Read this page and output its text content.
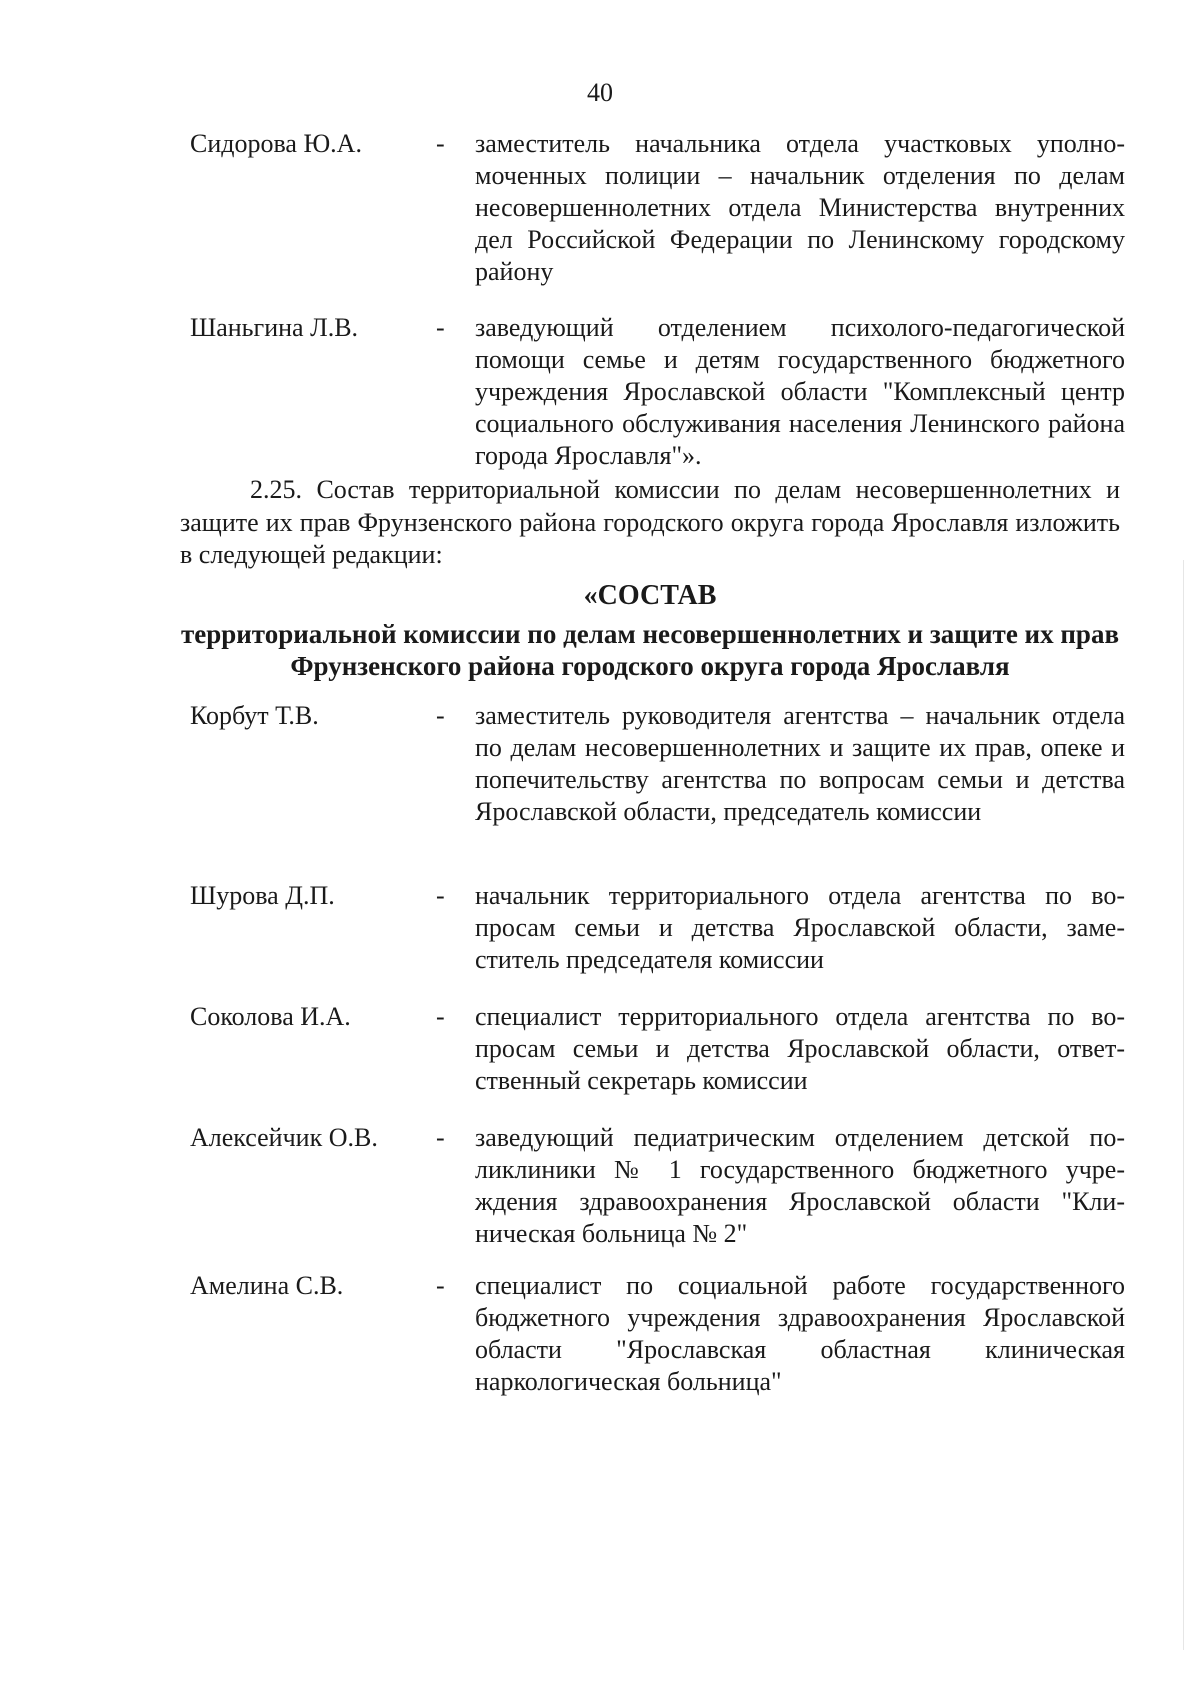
40
Сидорова Ю.А.	- заместитель начальника отдела участковых уполномоченных полиции – начальник отделения по делам несовершеннолетних отдела Министерства внутренних дел Российской Федерации по Ленинскому городскому району
Шаньгина Л.В.	- заведующий отделением психолого-педагогической помощи семье и детям государственного бюджетного учреждения Ярославской области "Комплексный центр социального обслуживания населения Ленинского района города Ярославля"».
2.25. Состав территориальной комиссии по делам несовершеннолетних и защите их прав Фрунзенского района городского округа города Ярославля изложить в следующей редакции:
«СОСТАВ
территориальной комиссии по делам несовершеннолетних и защите их прав Фрунзенского района городского округа города Ярославля
Корбут Т.В.	- заместитель руководителя агентства – начальник отдела по делам несовершеннолетних и защите их прав, опеке и попечительству агентства по вопросам семьи и детства Ярославской области, председатель комиссии
Шурова Д.П.	- начальник территориального отдела агентства по вопросам семьи и детства Ярославской области, заместитель председателя комиссии
Соколова И.А.	- специалист территориального отдела агентства по вопросам семьи и детства Ярославской области, ответственный секретарь комиссии
Алексейчик О.В. - заведующий педиатрическим отделением детской поликлиники № 1 государственного бюджетного учреждения здравоохранения Ярославской области "Клиническая больница № 2"
Амелина С.В.	- специалист по социальной работе государственного бюджетного учреждения здравоохранения Ярославской области "Ярославская областная клиническая наркологическая больница"
